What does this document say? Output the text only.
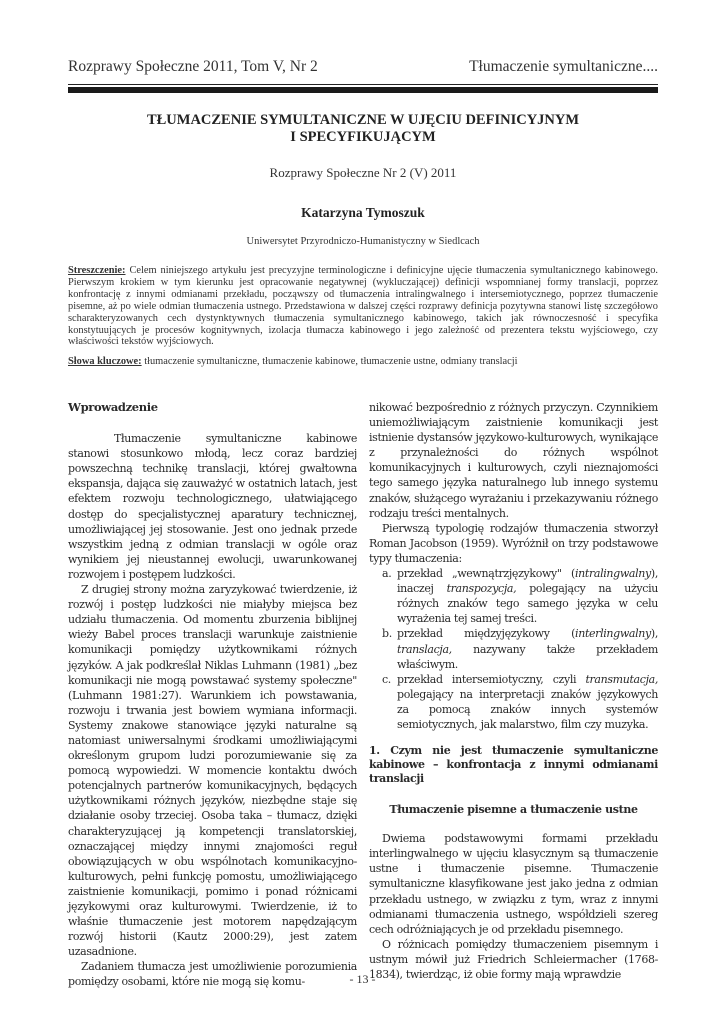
Rozprawy Społeczne 2011, Tom V, Nr 2	Tłumaczenie symultaniczne....
TŁUMACZENIE SYMULTANICZNE W UJĘCIU DEFINICYJNYM
I SPECYFIKUJĄCYM
Rozprawy Społeczne Nr 2 (V) 2011
Katarzyna Tymoszuk
Uniwersytet Przyrodniczo-Humanistyczny w Siedlcach
Streszczenie: Celem niniejszego artykułu jest precyzyjne terminologiczne i definicyjne ujęcie tłumaczenia symultanicznego kabinowego. Pierwszym krokiem w tym kierunku jest opracowanie negatywnej (wykluczającej) definicji wspomnianej formy translacji, poprzez konfrontację z innymi odmianami przekładu, począwszy od tłumaczenia intralingwalnego i intersemiotycznego, poprzez tłumaczenie pisemne, aż po wiele odmian tłumaczenia ustnego. Przedstawiona w dalszej części rozprawy definicja pozytywna stanowi listę szczegółowo scharakteryzowanych cech dystynktywnych tłumaczenia symultanicznego kabinowego, takich jak równoczesność i specyfika konstytuujących je procesów kognitywnych, izolacja tłumacza kabinowego i jego zależność od prezentera tekstu wyjściowego, czy właściwości tekstów wyjściowych.
Słowa kluczowe: tłumaczenie symultaniczne, tłumaczenie kabinowe, tłumaczenie ustne, odmiany translacji

Wprowadzenie

Tłumaczenie symultaniczne kabinowe stanowi stosunkowo młodą, lecz coraz bardziej powszechną technikę translacji, której gwałtowna ekspansja, dająca się zauważyć w ostatnich latach, jest efektem rozwoju technologicznego, ułatwiającego dostęp do specjalistycznej aparatury technicznej, umożliwiającej jej stosowanie. Jest ono jednak przede wszystkim jedną z odmian translacji w ogóle oraz wynikiem jej nieustannej ewolucji, uwarunkowanej rozwojem i postępem ludzkości.

Z drugiej strony można zaryzykować twierdzenie, iż rozwój i postęp ludzkości nie miałyby miejsca bez udziału tłumaczenia. Od momentu zburzenia biblijnej wieży Babel proces translacji warunkuje zaistnienie komunikacji pomiędzy użytkownikami różnych języków. A jak podkreślał Niklas Luhmann (1981) „bez komunikacji nie mogą powstawać systemy społeczne" (Luhmann 1981:27). Warunkiem ich powstawania, rozwoju i trwania jest bowiem wymiana informacji. Systemy znakowe stanowiące języki naturalne są natomiast uniwersalnymi środkami umożliwiającymi określonym grupom ludzi porozumiewanie się za pomocą wypowiedzi. W momencie kontaktu dwóch potencjalnych partnerów komunikacyjnych, będących użytkownikami różnych języków, niezbędne staje się działanie osoby trzeciej. Osoba taka – tłumacz, dzięki charakteryzującej ją kompetencji translatorskiej, oznaczającej między innymi znajomości reguł obowiązujących w obu wspólnotach komunikacyjno-kulturowych, pełni funkcję pomostu, umożliwiającego zaistnienie komunikacji, pomimo i ponad różnicami językowymi oraz kulturowymi. Twierdzenie, iż to właśnie tłumaczenie jest motorem napędzającym rozwój historii (Kautz 2000:29), jest zatem uzasadnione.

Zadaniem tłumacza jest umożliwienie porozumienia pomiędzy osobami, które nie mogą się komu-

nikować bezpośrednio z różnych przyczyn. Czynnikiem uniemożliwiającym zaistnienie komunikacji jest istnienie dystansów językowo-kulturowych, wynikające z przynależności do różnych wspólnot komunikacyjnych i kulturowych, czyli nieznajomości tego samego języka naturalnego lub innego systemu znaków, służącego wyrażaniu i przekazywaniu różnego rodzaju treści mentalnych.

Pierwszą typologię rodzajów tłumaczenia stworzył Roman Jacobson (1959). Wyróżnił on trzy podstawowe typy tłumaczenia:

a. przekład „wewnątrzjęzykowy" (intralingwalny), inaczej transpozycja, polegający na użyciu różnych znaków tego samego języka w celu wyrażenia tej samej treści.
b. przekład międzyjęzykowy (interlingwalny), translacja, nazywany także przekładem właściwym.
c. przekład intersemiotyczny, czyli transmutacja, polegający na interpretacji znaków językowych za pomocą znaków innych systemów semiotycznych, jak malarstwo, film czy muzyka.

1. Czym nie jest tłumaczenie symultaniczne kabinowe – konfrontacja z innymi odmianami translacji

Tłumaczenie pisemne a tłumaczenie ustne

Dwiema podstawowymi formami przekładu interlingwalnego w ujęciu klasycznym są tłumaczenie ustne i tłumaczenie pisemne. Tłumaczenie symultaniczne klasyfikowane jest jako jedna z odmian przekładu ustnego, w związku z tym, wraz z innymi odmianami tłumaczenia ustnego, współdzieli szereg cech odróżniających je od przekładu pisemnego.

O różnicach pomiędzy tłumaczeniem pisemnym i ustnym mówił już Friedrich Schleiermacher (1768-1834), twierdząc, iż obie formy mają wprawdzie

- 13 -
